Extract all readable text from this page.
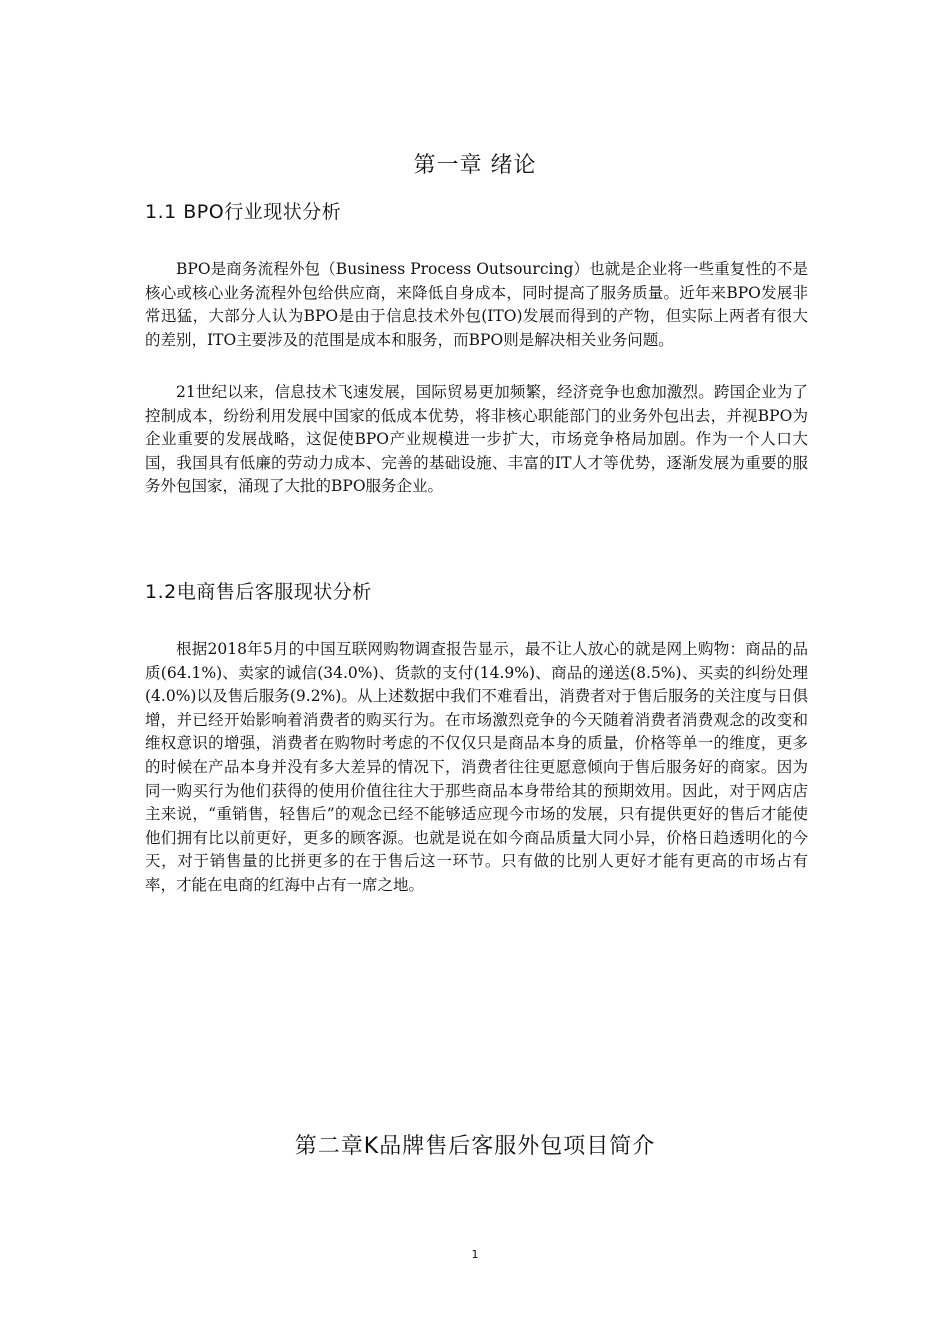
第一章 绪论
1.1 BPO行业现状分析

BPO是商务流程外包（Business Process Outsourcing）也就是企业将一些重复性的不是核心或核心业务流程外包给供应商，来降低自身成本，同时提高了服务质量。近年来BPO发展非常迅猛，大部分人认为BPO是由于信息技术外包(ITO)发展而得到的产物，但实际上两者有很大的差别，ITO主要涉及的范围是成本和服务，而BPO则是解决相关业务问题。

21世纪以来，信息技术飞速发展，国际贸易更加频繁，经济竞争也愈加激烈。跨国企业为了控制成本，纷纷利用发展中国家的低成本优势，将非核心职能部门的业务外包出去，并视BPO为企业重要的发展战略，这促使BPO产业规模进一步扩大，市场竞争格局加剧。作为一个人口大国，我国具有低廉的劳动力成本、完善的基础设施、丰富的IT人才等优势，逐渐发展为重要的服务外包国家，涌现了大批的BPO服务企业。

1.2电商售后客服现状分析

根据2018年5月的中国互联网购物调查报告显示，最不让人放心的就是网上购物：商品的品质(64.1%)、卖家的诚信(34.0%)、货款的支付(14.9%)、商品的递送(8.5%)、买卖的纠纷处理(4.0%)以及售后服务(9.2%)。从上述数据中我们不难看出，消费者对于售后服务的关注度与日俱增，并已经开始影响着消费者的购买行为。在市场激烈竞争的今天随着消费者消费观念的改变和维权意识的增强，消费者在购物时考虑的不仅仅只是商品本身的质量，价格等单一的维度，更多的时候在产品本身并没有多大差异的情况下，消费者往往更愿意倾向于售后服务好的商家。因为同一购买行为他们获得的使用价值往往大于那些商品本身带给其的预期效用。因此，对于网店店主来说，“重销售，轻售后”的观念已经不能够适应现今市场的发展，只有提供更好的售后才能使他们拥有比以前更好，更多的顾客源。也就是说在如今商品质量大同小异，价格日趋透明化的今天，对于销售量的比拼更多的在于售后这一环节。只有做的比别人更好才能有更高的市场占有率，才能在电商的红海中占有一席之地。

第二章K品牌售后客服外包项目简介
1
